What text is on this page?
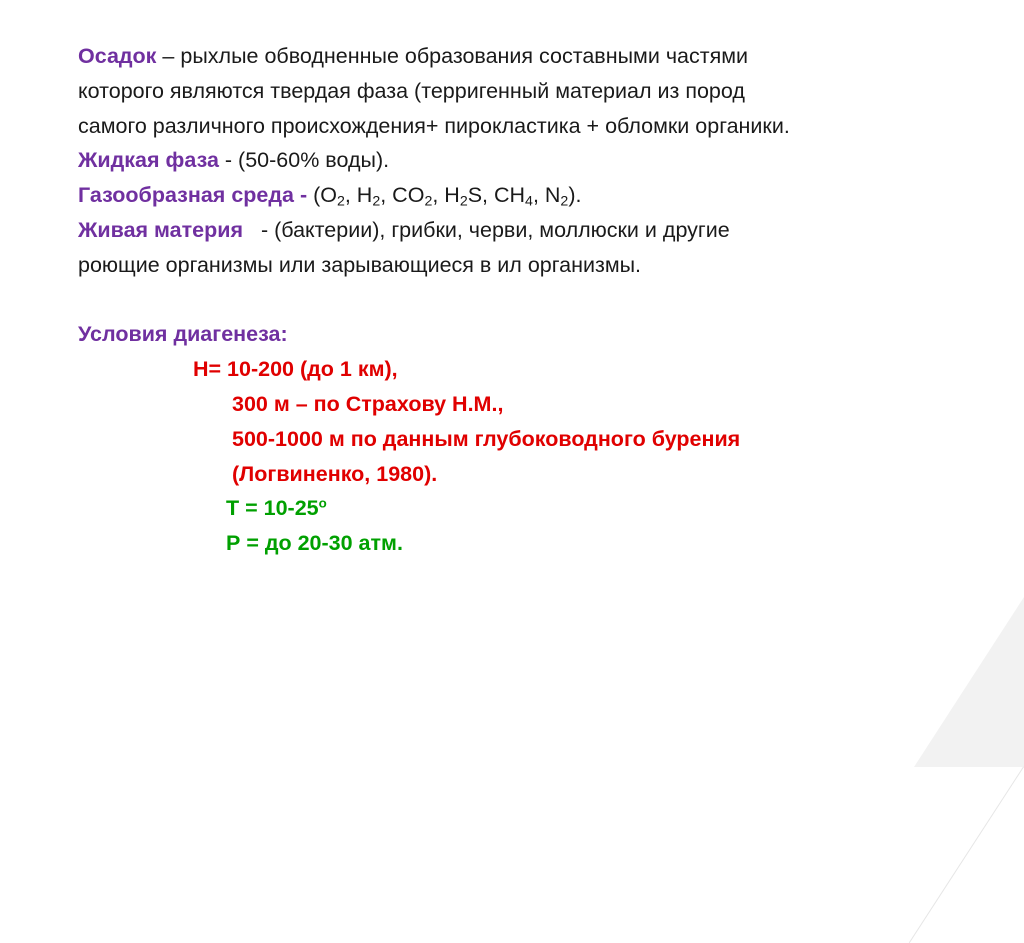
Осадок – рыхлые обводненные образования составными частями
которого являются твердая фаза (терригенный материал из пород
самого различного происхождения+ пирокластика + обломки органики.
Жидкая фаза - (50-60% воды).
Газообразная среда - ($O_2$, $H_2$, $CO_2$, $H_2S$, $CH_4$, $N_2$).
Живая материя   - (бактерии), грибки, черви, моллюски и другие
роющие организмы или зарывающиеся в ил организмы.
Условия диагенеза:
Н= 10-200 (до 1 км),
300 м – по Страхову Н.М.,
500-1000 м по данным глубоководного бурения
(Логвиненко, 1980).
$Т = 10-25^о$
Р = до 20-30 атм.
